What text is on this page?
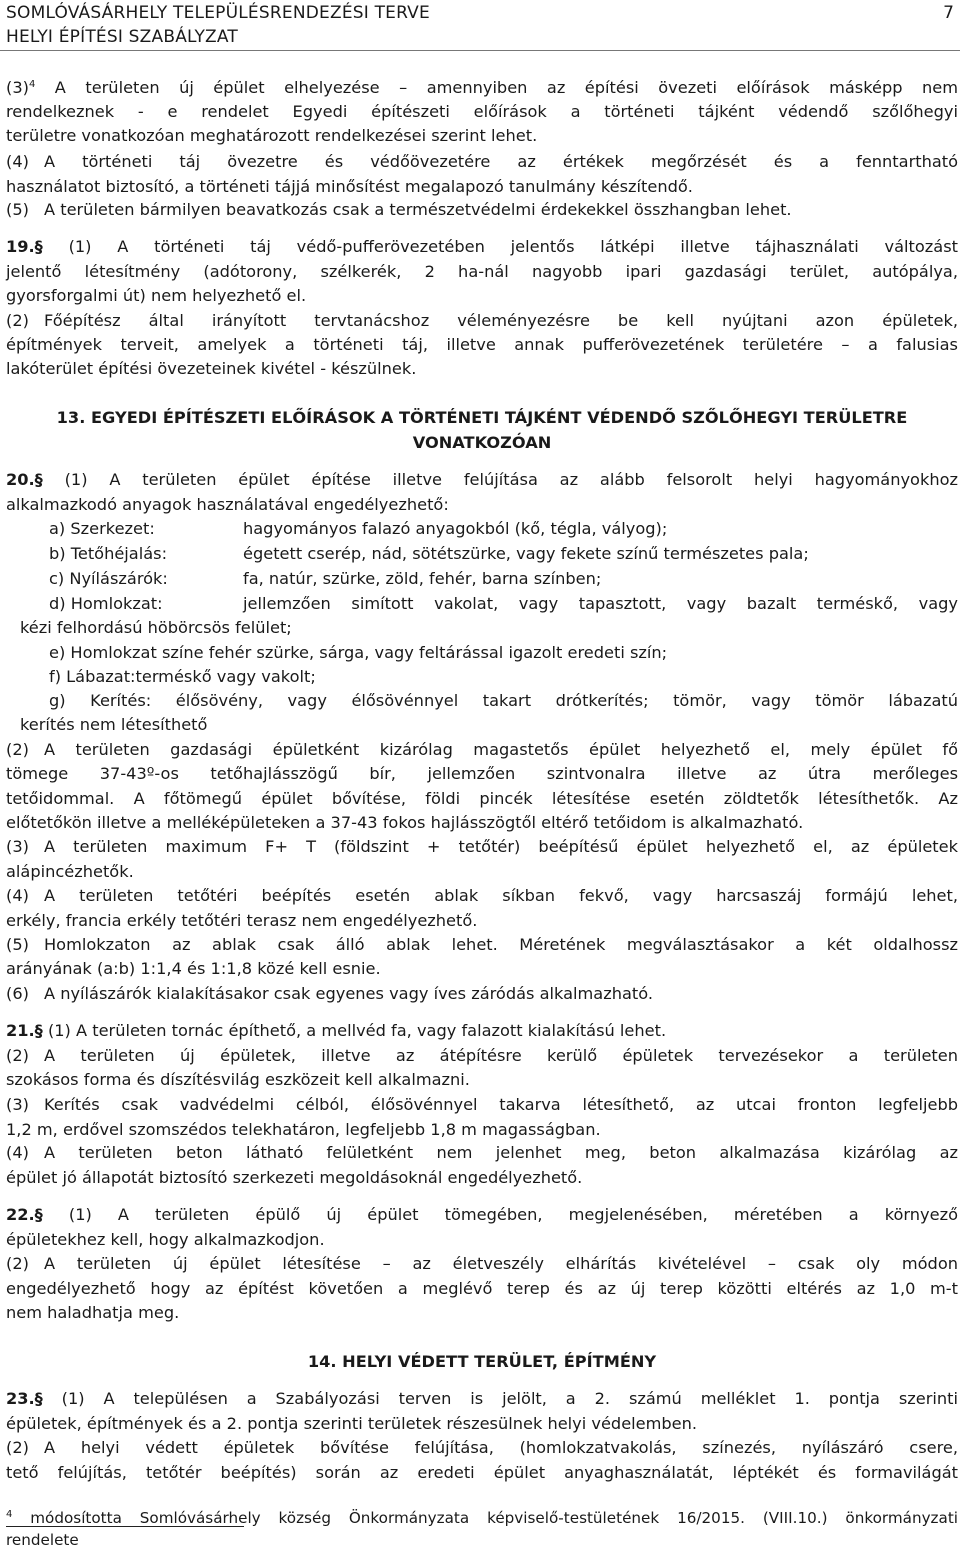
SOMLÓVÁSÁRHELY TELEPÜLÉSRENDEZÉSI TERVE
HELYI ÉPÍTÉSI SZABÁLYZAT
7
$(3)^4$ A területen új épület elhelyezése – amennyiben az építési övezeti előírások másképp nem
rendelkeznek - e rendelet Egyedi építészeti előírások a történeti tájként védendő szőlőhegyi
területre vonatkozóan meghatározott rendelkezései szerint lehet.
(4) A történeti táj övezetre és védőövezetére az értékek megőrzését és a fenntartható
használatot biztosító, a történeti tájjá minősítést megalapozó tanulmány készítendő.
(5) A területen bármilyen beavatkozás csak a természetvédelmi érdekekkel összhangban lehet.
19.§ (1) A történeti táj védő-pufferövezetében jelentős látképi illetve tájhasználati változást
jelentő létesítmény (adótorony, szélkerék, 2 ha-nál nagyobb ipari gazdasági terület, autópálya,
gyorsforgalmi út) nem helyezhető el.
(2) Főépítész által irányított tervtanácshoz véleményezésre be kell nyújtani azon épületek,
építmények terveit, amelyek a történeti táj, illetve annak pufferövezetének területére – a falusias
lakóterület építési övezeteinek kivétel - készülnek.
13. EGYEDI ÉPÍTÉSZETI ELŐÍRÁSOK A TÖRTÉNETI TÁJKÉNT VÉDENDŐ SZŐLŐHEGYI TERÜLETRE
VONATKOZÓAN
20.§ (1) A területen épület építése illetve felújítása az alább felsorolt helyi hagyományokhoz
alkalmazkodó anyagok használatával engedélyezhető:
a) Szerkezet:	hagyományos falazó anyagokból (kő, tégla, vályog);
b) Tetőhéjalás:	égetett cserép, nád, sötétszürke, vagy fekete színű természetes pala;
c) Nyílászárók:	fa, natúr, szürke, zöld, fehér, barna színben;
d) Homlokzat:	jellemzően simított vakolat, vagy tapasztott, vagy bazalt terméskő, vagy
kézi felhordású höbörcsös felület;
e) Homlokzat színe fehér szürke, sárga, vagy feltárással igazolt eredeti szín;
f) Lábazat:terméskő vagy vakolt;
g) Kerítés: élősövény, vagy élősövénnyel takart drótkerítés; tömör, vagy tömör lábazatú
kerítés nem létesíthető
(2) A területen gazdasági épületként kizárólag magastetős épület helyezhető el, mely épület fő
tömege 37-43º-os tetőhajlásszögű bír, jellemzően szintvonalra illetve az útra merőleges
tetőidommal. A főtömegű épület bővítése, földi pincék létesítése esetén zöldtetők létesíthetők. Az
előtetőkön illetve a melléképületeken a 37-43 fokos hajlásszögtől eltérő tetőidom is alkalmazható.
(3) A területen maximum F+ T (földszint + tetőtér) beépítésű épület helyezhető el, az épületek
alápincézhetők.
(4) A területen tetőtéri beépítés esetén ablak síkban fekvő, vagy harcsaszáj formájú lehet,
erkély, francia erkély tetőtéri terasz nem engedélyezhető.
(5) Homlokzaton az ablak csak álló ablak lehet. Méretének megválasztásakor a két oldalhossz
arányának (a:b) 1:1,4 és 1:1,8 közé kell esnie.
(6) A nyílászárók kialakításakor csak egyenes vagy íves záródás alkalmazható.
21.§ (1) A területen tornác építhető, a mellvéd fa, vagy falazott kialakítású lehet.
(2) A területen új épületek, illetve az átépítésre kerülő épületek tervezésekor a területen
szokásos forma és díszítésvilág eszközeit kell alkalmazni.
(3) Kerítés csak vadvédelmi célból, élősövénnyel takarva létesíthető, az utcai fronton legfeljebb
1,2 m, erdővel szomszédos telekhatáron, legfeljebb 1,8 m magasságban.
(4) A területen beton látható felületként nem jelenhet meg, beton alkalmazása kizárólag az
épület jó állapotát biztosító szerkezeti megoldásoknál engedélyezhető.
22.§ (1) A területen épülő új épület tömegében, megjelenésében, méretében a környező
épületekhez kell, hogy alkalmazkodjon.
(2) A területen új épület létesítése – az életveszély elhárítás kivételével – csak oly módon
engedélyezhető hogy az építést követően a meglévő terep és az új terep közötti eltérés az 1,0 m-t
nem haladhatja meg.
14. HELYI VÉDETT TERÜLET, ÉPÍTMÉNY
23.§ (1) A településen a Szabályozási terven is jelölt, a 2. számú melléklet 1. pontja szerinti
épületek, építmények és a 2. pontja szerinti területek részesülnek helyi védelemben.
(2) A helyi védett épületek bővítése felújítása, (homlokzatvakolás, színezés, nyílászáró csere,
tető felújítás, tetőtér beépítés) során az eredeti épület anyaghasználatát, léptékét és formavilágát
$^4$ módosította Somlóvásárhely község Önkormányzata képviselő-testületének 16/2015. (VIII.10.) önkormányzati
rendelete
